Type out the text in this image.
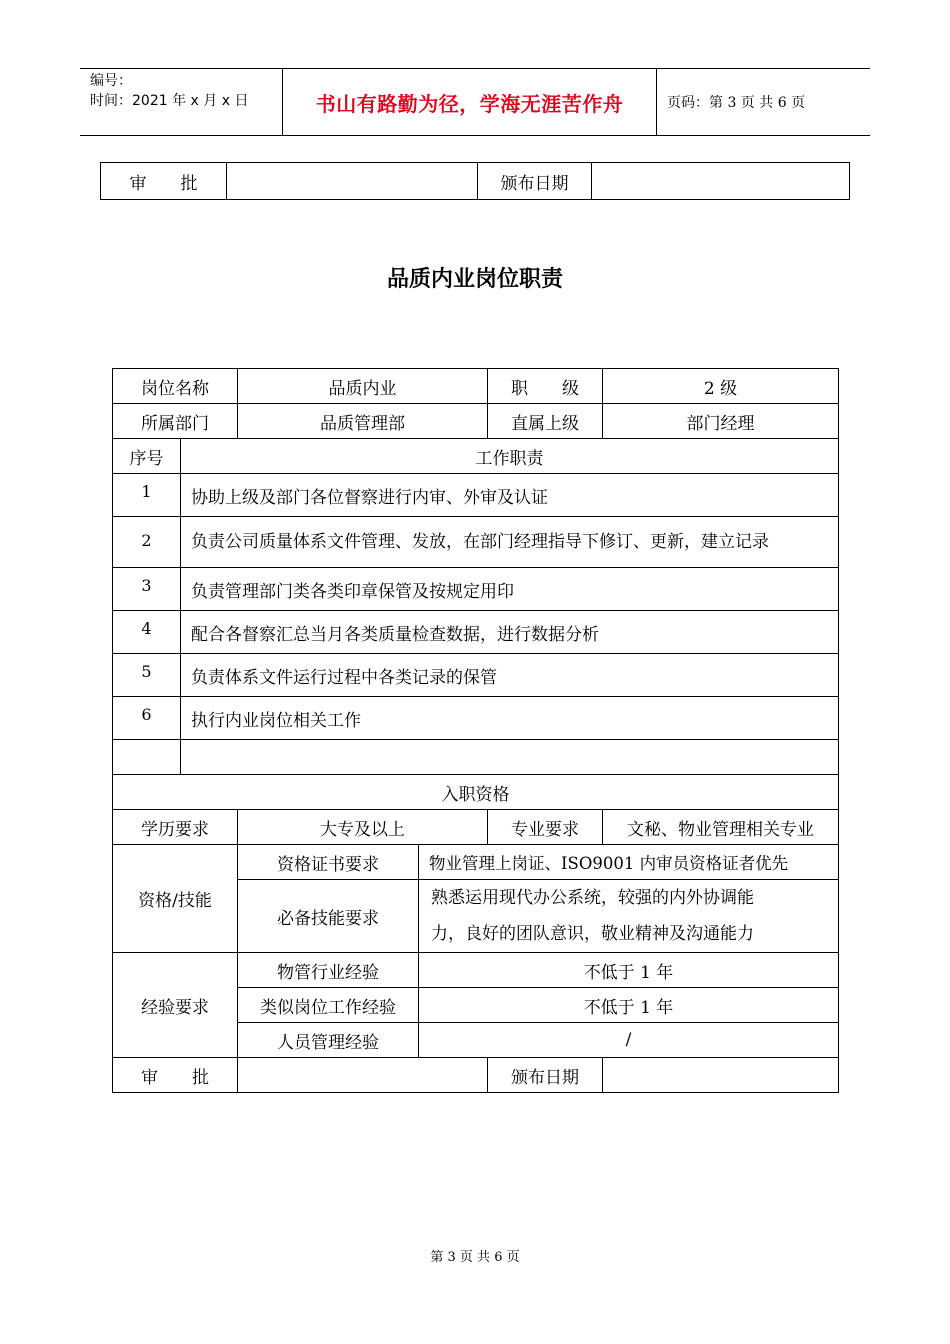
编号：
时间：2021 年 x 月 x 日	书山有路勤为径，学海无涯苦作舟	页码：第 3 页 共 6 页
审　　批		颁布日期	
品质内业岗位职责
岗位名称		品质内业		职　　级	2 级
所属部门		品质管理部		直属上级	部门经理
序号	工作职责				
1	协助上级及部门各位督察进行内审、外审及认证				
2	负责公司质量体系文件管理、发放，在部门经理指导下修订、更新，建立记录				
3	负责管理部门类各类印章保管及按规定用印				
4	配合各督察汇总当月各类质量检查数据，进行数据分析				
5	负责体系文件运行过程中各类记录的保管				
6	执行内业岗位相关工作				

入职资格					
学历要求		大专及以上		专业要求	文秘、物业管理相关专业
资格/技能		资格证书要求	物业管理上岗证、ISO9001 内审员资格证者优先		
		必备技能要求	熟悉运用现代办公系统，较强的内外协调能
力，良好的团队意识，敬业精神及沟通能力		

经验要求		物管行业经验	不低于 1 年		
		类似岗位工作经验	不低于 1 年		
		人员管理经验	/		
审　　批				颁布日期	
第 3 页 共 6 页
